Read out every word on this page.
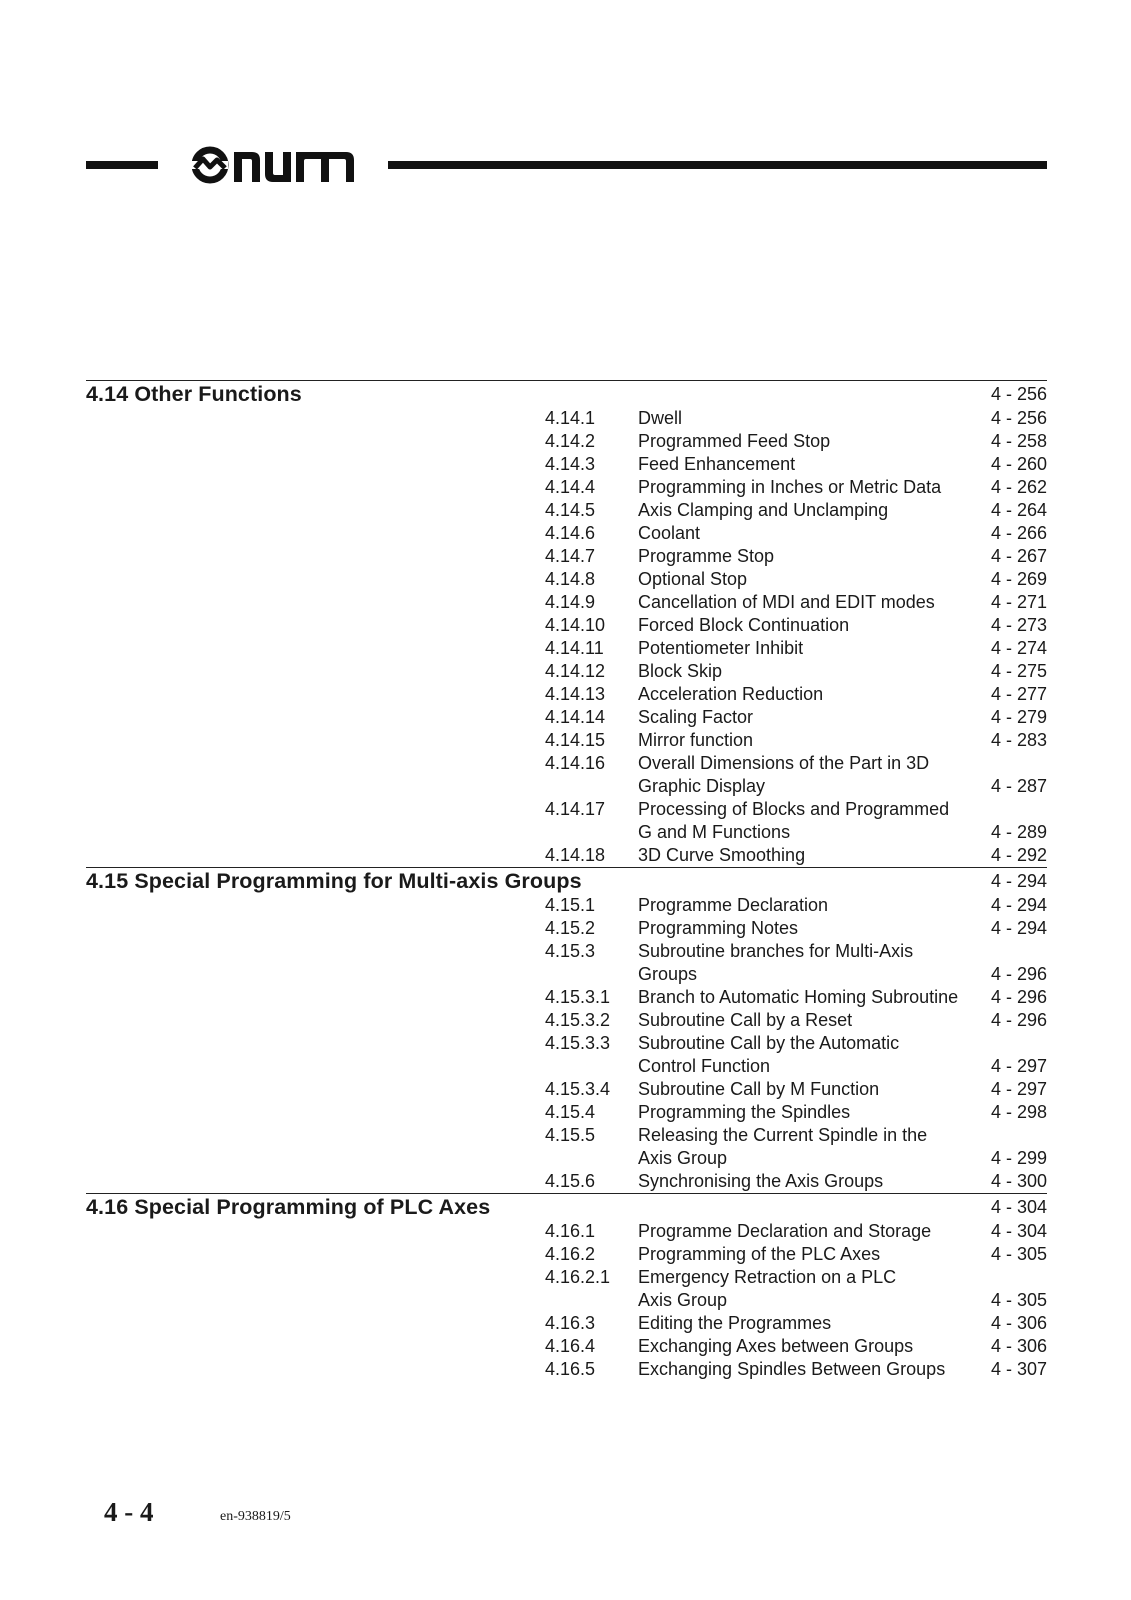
4.14 Other Functions	4 - 256
4.14.1 Dwell	4 - 256
4.14.2 Programmed Feed Stop	4 - 258
4.14.3 Feed Enhancement	4 - 260
4.14.4 Programming in Inches or Metric Data	4 - 262
4.14.5 Axis Clamping and Unclamping	4 - 264
4.14.6 Coolant	4 - 266
4.14.7 Programme Stop	4 - 267
4.14.8 Optional Stop	4 - 269
4.14.9 Cancellation of MDI and EDIT modes	4 - 271
4.14.10 Forced Block Continuation	4 - 273
4.14.11 Potentiometer Inhibit	4 - 274
4.14.12 Block Skip	4 - 275
4.14.13 Acceleration Reduction	4 - 277
4.14.14 Scaling Factor	4 - 279
4.14.15 Mirror function	4 - 283
4.14.16 Overall Dimensions of the Part in 3D
Graphic Display	4 - 287
4.14.17 Processing of Blocks and Programmed
G and M Functions	4 - 289
4.14.18 3D Curve Smoothing	4 - 292
4.15 Special Programming for Multi-axis Groups	4 - 294
4.15.1 Programme Declaration	4 - 294
4.15.2 Programming Notes	4 - 294
4.15.3 Subroutine branches for Multi-Axis
Groups	4 - 296
4.15.3.1 Branch to Automatic Homing Subroutine	4 - 296
4.15.3.2 Subroutine Call by a Reset	4 - 296
4.15.3.3 Subroutine Call by the Automatic
Control Function	4 - 297
4.15.3.4 Subroutine Call by M Function	4 - 297
4.15.4 Programming the Spindles	4 - 298
4.15.5 Releasing the Current Spindle in the
Axis Group	4 - 299
4.15.6 Synchronising the Axis Groups	4 - 300
4.16 Special Programming of PLC Axes	4 - 304
4.16.1 Programme Declaration and Storage	4 - 304
4.16.2 Programming of the PLC Axes	4 - 305
4.16.2.1 Emergency Retraction on a PLC
Axis Group	4 - 305
4.16.3 Editing the Programmes	4 - 306
4.16.4 Exchanging Axes between Groups	4 - 306
4.16.5 Exchanging Spindles Between Groups	4 - 307
4 - 4	en-938819/5
